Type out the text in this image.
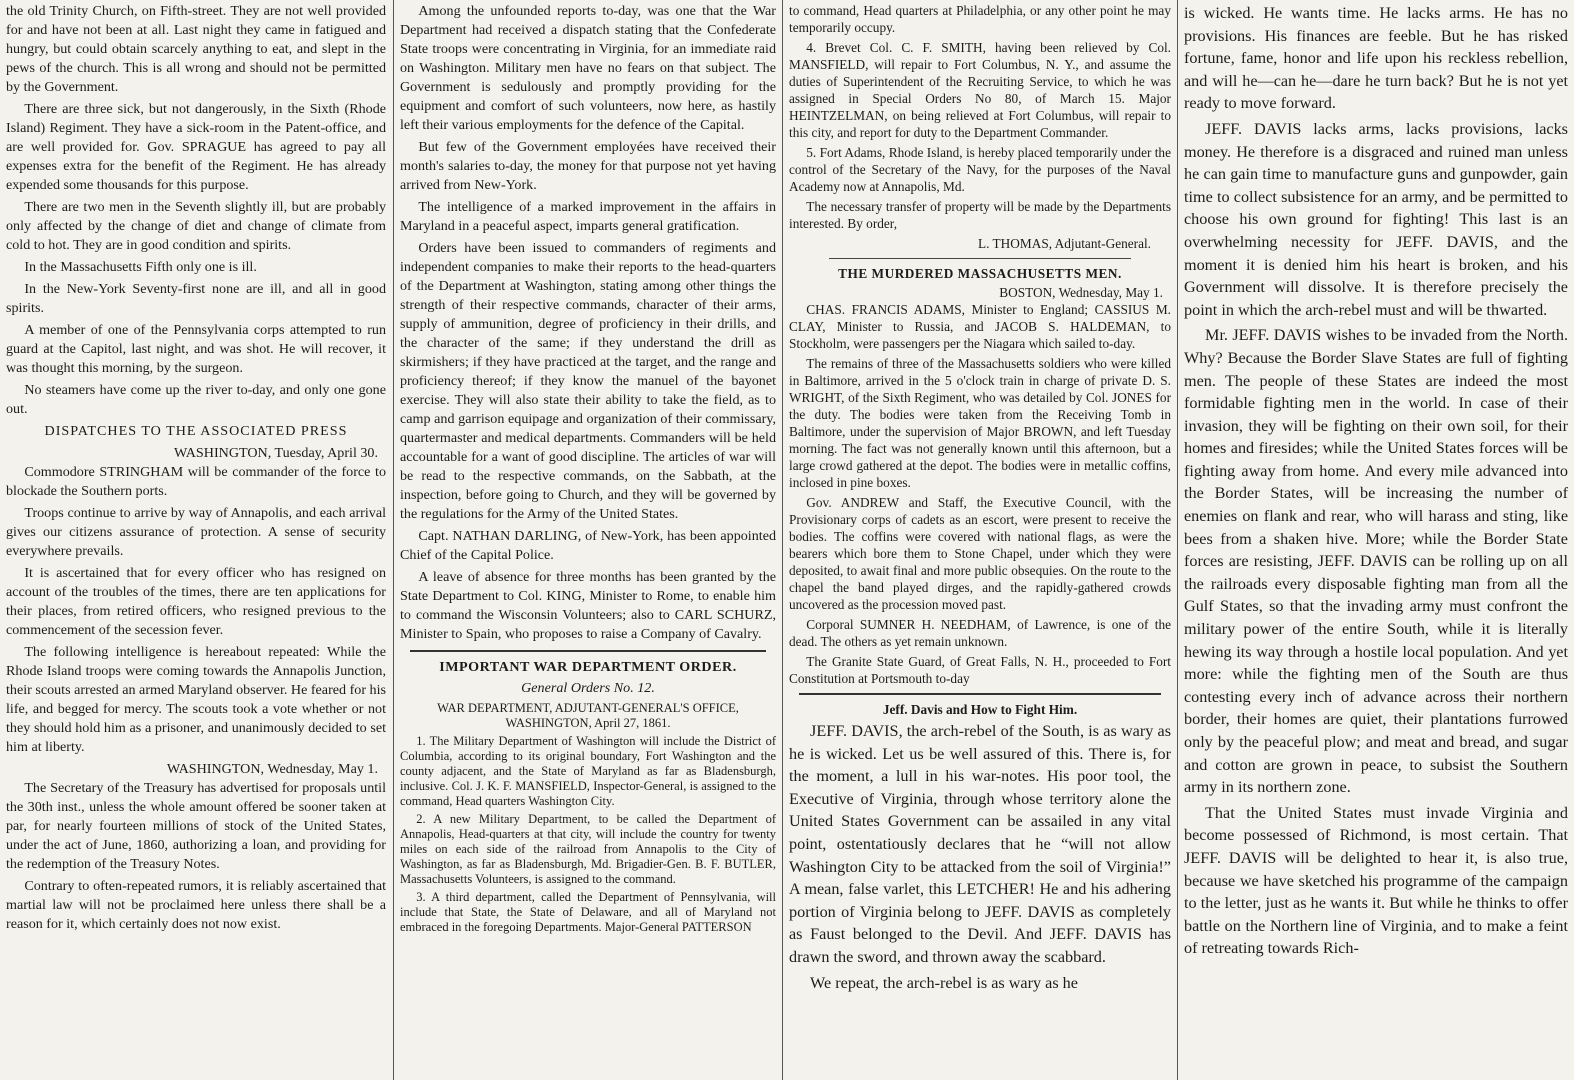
the old Trinity Church, on Fifth-street. They are not well provided for and have not been at all. Last night they came in fatigued and hungry, but could obtain scarcely anything to eat, and slept in the pews of the church. This is all wrong and should not be permitted by the Government.

There are three sick, but not dangerously, in the Sixth (Rhode Island) Regiment. They have a sick-room in the Patent-office, and are well provided for. Gov. SPRAGUE has agreed to pay all expenses extra for the benefit of the Regiment. He has already expended some thousands for this purpose.

There are two men in the Seventh slightly ill, but are probably only affected by the change of diet and change of climate from cold to hot. They are in good condition and spirits.

In the Massachusetts Fifth only one is ill.

In the New-York Seventy-first none are ill, and all in good spirits.

A member of one of the Pennsylvania corps attempted to run guard at the Capitol, last night, and was shot. He will recover, it was thought this morning, by the surgeon.

No steamers have come up the river to-day, and only one gone out.

DISPATCHES TO THE ASSOCIATED PRESS

WASHINGTON, Tuesday, April 30.

Commodore STRINGHAM will be commander of the force to blockade the Southern ports.

Troops continue to arrive by way of Annapolis, and each arrival gives our citizens assurance of protection. A sense of security everywhere prevails.

It is ascertained that for every officer who has resigned on account of the troubles of the times, there are ten applications for their places, from retired officers, who resigned previous to the commencement of the secession fever.

The following intelligence is hereabout repeated: While the Rhode Island troops were coming towards the Annapolis Junction, their scouts arrested an armed Maryland observer. He feared for his life, and begged for mercy. The scouts took a vote whether or not they should hold him as a prisoner, and unanimously decided to set him at liberty.

WASHINGTON, Wednesday, May 1.

The Secretary of the Treasury has advertised for proposals until the 30th inst., unless the whole amount offered be sooner taken at par, for nearly fourteen millions of stock of the United States, under the act of June, 1860, authorizing a loan, and providing for the redemption of the Treasury Notes.

Contrary to often-repeated rumors, it is reliably ascertained that martial law will not be proclaimed here unless there shall be a reason for it, which certainly does not now exist.

Among the unfounded reports to-day, was one that the War Department had received a dispatch stating that the Confederate State troops were concentrating in Virginia, for an immediate raid on Washington. Military men have no fears on that subject. The Government is sedulously and promptly providing for the equipment and comfort of such volunteers, now here, as hastily left their various employments for the defence of the Capital.

But few of the Government employées have received their month's salaries to-day, the money for that purpose not yet having arrived from New-York.

The intelligence of a marked improvement in the affairs in Maryland in a peaceful aspect, imparts general gratification.

Orders have been issued to commanders of regiments and independent companies to make their reports to the head-quarters of the Department at Washington, stating among other things the strength of their respective commands, character of their arms, supply of ammunition, degree of proficiency in their drills, and the character of the same; if they understand the drill as skirmishers; if they have practiced at the target, and the range and proficiency thereof; if they know the manuel of the bayonet exercise. They will also state their ability to take the field, as to camp and garrison equipage and organization of their commissary, quartermaster and medical departments. Commanders will be held accountable for a want of good discipline. The articles of war will be read to the respective commands, on the Sabbath, at the inspection, before going to Church, and they will be governed by the regulations for the Army of the United States.

Capt. NATHAN DARLING, of New-York, has been appointed Chief of the Capital Police.

A leave of absence for three months has been granted by the State Department to Col. KING, Minister to Rome, to enable him to command the Wisconsin Volunteers; also to CARL SCHURZ, Minister to Spain, who proposes to raise a Company of Cavalry.

IMPORTANT WAR DEPARTMENT ORDER.

General Orders No. 12.

WAR DEPARTMENT, ADJUTANT-GENERAL'S OFFICE, WASHINGTON, April 27, 1861.

1. The Military Department of Washington will include the District of Columbia, according to its original boundary, Fort Washington and the county adjacent, and the State of Maryland as far as Bladensburgh, inclusive. Col. J. K. F. MANSFIELD, Inspector-General, is assigned to the command, Head quarters Washington City.

2. A new Military Department, to be called the Department of Annapolis, Head-quarters at that city, will include the country for twenty miles on each side of the railroad from Annapolis to the City of Washington, as far as Bladensburgh, Md. Brigadier-Gen. B. F. BUTLER, Massachusetts Volunteers, is assigned to the command.

3. A third department, called the Department of Pennsylvania, will include that State, the State of Delaware, and all of Maryland not embraced in the foregoing Departments. Major-General PATTERSON

to command, Head quarters at Philadelphia, or any other point he may temporarily occupy.

4. Brevet Col. C. F. SMITH, having been relieved by Col. MANSFIELD, will repair to Fort Columbus, N. Y., and assume the duties of Superintendent of the Recruiting Service, to which he was assigned in Special Orders No 80, of March 15. Major HEINTZELMAN, on being relieved at Fort Columbus, will repair to this city, and report for duty to the Department Commander.

5. Fort Adams, Rhode Island, is hereby placed temporarily under the control of the Secretary of the Navy, for the purposes of the Naval Academy now at Annapolis, Md.

The necessary transfer of property will be made by the Departments interested. By order,

L. THOMAS, Adjutant-General.

THE MURDERED MASSACHUSETTS MEN.

BOSTON, Wednesday, May 1.

CHAS. FRANCIS ADAMS, Minister to England; CASSIUS M. CLAY, Minister to Russia, and JACOB S. HALDEMAN, to Stockholm, were passengers per the Niagara which sailed to-day.

The remains of three of the Massachusetts soldiers who were killed in Baltimore, arrived in the 5 o'clock train in charge of private D. S. WRIGHT, of the Sixth Regiment, who was detailed by Col. JONES for the duty. The bodies were taken from the Receiving Tomb in Baltimore, under the supervision of Major BROWN, and left Tuesday morning. The fact was not generally known until this afternoon, but a large crowd gathered at the depot. The bodies were in metallic coffins, inclosed in pine boxes.

Gov. ANDREW and Staff, the Executive Council, with the Provisionary corps of cadets as an escort, were present to receive the bodies. The coffins were covered with national flags, as were the bearers which bore them to Stone Chapel, under which they were deposited, to await final and more public obsequies. On the route to the chapel the band played dirges, and the rapidly-gathered crowds uncovered as the procession moved past.

Corporal SUMNER H. NEEDHAM, of Lawrence, is one of the dead. The others as yet remain unknown.

The Granite State Guard, of Great Falls, N. H., proceeded to Fort Constitution at Portsmouth to-day

Jeff. Davis and How to Fight Him.

JEFF. DAVIS, the arch-rebel of the South, is as wary as he is wicked. Let us be well assured of this. There is, for the moment, a lull in his war-notes. His poor tool, the Executive of Virginia, through whose territory alone the United States Government can be assailed in any vital point, ostentatiously declares that he “will not allow Washington City to be attacked from the soil of Virginia!” A mean, false varlet, this LETCHER! He and his adhering portion of Virginia belong to JEFF. DAVIS as completely as Faust belonged to the Devil. And JEFF. DAVIS has drawn the sword, and thrown away the scabbard.

We repeat, the arch-rebel is as wary as he

is wicked. He wants time. He lacks arms. He has no provisions. His finances are feeble. But he has risked fortune, fame, honor and life upon his reckless rebellion, and will he—can he—dare he turn back? But he is not yet ready to move forward.

JEFF. DAVIS lacks arms, lacks provisions, lacks money. He therefore is a disgraced and ruined man unless he can gain time to manufacture guns and gunpowder, gain time to collect subsistence for an army, and be permitted to choose his own ground for fighting! This last is an overwhelming necessity for JEFF. DAVIS, and the moment it is denied him his heart is broken, and his Government will dissolve. It is therefore precisely the point in which the arch-rebel must and will be thwarted.

Mr. JEFF. DAVIS wishes to be invaded from the North. Why? Because the Border Slave States are full of fighting men. The people of these States are indeed the most formidable fighting men in the world. In case of their invasion, they will be fighting on their own soil, for their homes and firesides; while the United States forces will be fighting away from home. And every mile advanced into the Border States, will be increasing the number of enemies on flank and rear, who will harass and sting, like bees from a shaken hive. More; while the Border State forces are resisting, JEFF. DAVIS can be rolling up on all the railroads every disposable fighting man from all the Gulf States, so that the invading army must confront the military power of the entire South, while it is literally hewing its way through a hostile local population. And yet more: while the fighting men of the South are thus contesting every inch of advance across their northern border, their homes are quiet, their plantations furrowed only by the peaceful plow; and meat and bread, and sugar and cotton are grown in peace, to subsist the Southern army in its northern zone.

That the United States must invade Virginia and become possessed of Richmond, is most certain. That JEFF. DAVIS will be delighted to hear it, is also true, because we have sketched his programme of the campaign to the letter, just as he wants it. But while he thinks to offer battle on the Northern line of Virginia, and to make a feint of retreating towards Rich-
